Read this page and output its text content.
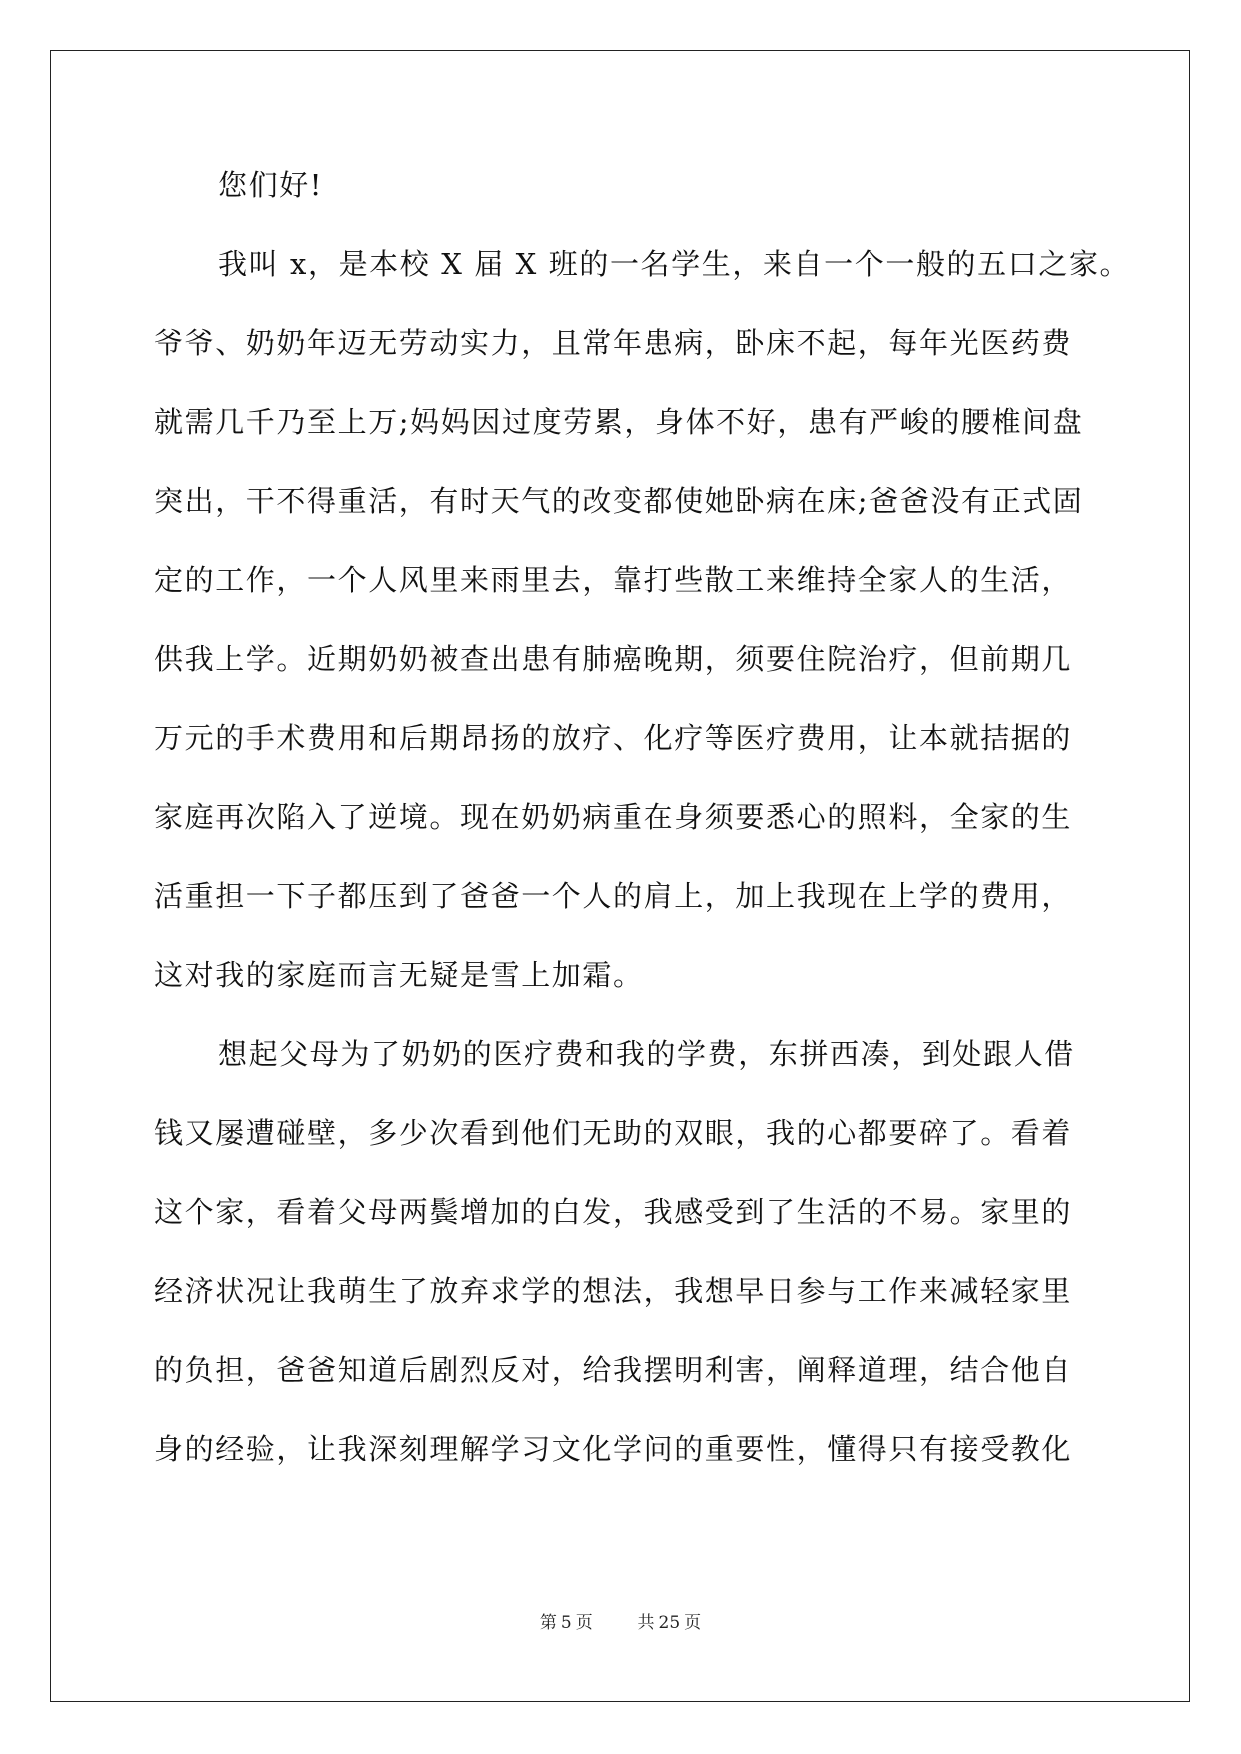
您们好!
我叫 x，是本校 X 届 X 班的一名学生，来自一个一般的五口之家。
爷爷、奶奶年迈无劳动实力，且常年患病，卧床不起，每年光医药费
就需几千乃至上万;妈妈因过度劳累，身体不好，患有严峻的腰椎间盘
突出，干不得重活，有时天气的改变都使她卧病在床;爸爸没有正式固
定的工作，一个人风里来雨里去，靠打些散工来维持全家人的生活，
供我上学。近期奶奶被查出患有肺癌晚期，须要住院治疗，但前期几
万元的手术费用和后期昂扬的放疗、化疗等医疗费用，让本就拮据的
家庭再次陷入了逆境。现在奶奶病重在身须要悉心的照料，全家的生
活重担一下子都压到了爸爸一个人的肩上，加上我现在上学的费用，
这对我的家庭而言无疑是雪上加霜。
想起父母为了奶奶的医疗费和我的学费，东拼西凑，到处跟人借
钱又屡遭碰壁，多少次看到他们无助的双眼，我的心都要碎了。看着
这个家，看着父母两鬓增加的白发，我感受到了生活的不易。家里的
经济状况让我萌生了放弃求学的想法，我想早日参与工作来减轻家里
的负担，爸爸知道后剧烈反对，给我摆明利害，阐释道理，结合他自
身的经验，让我深刻理解学习文化学问的重要性，懂得只有接受教化
第 5 页	共 25 页
